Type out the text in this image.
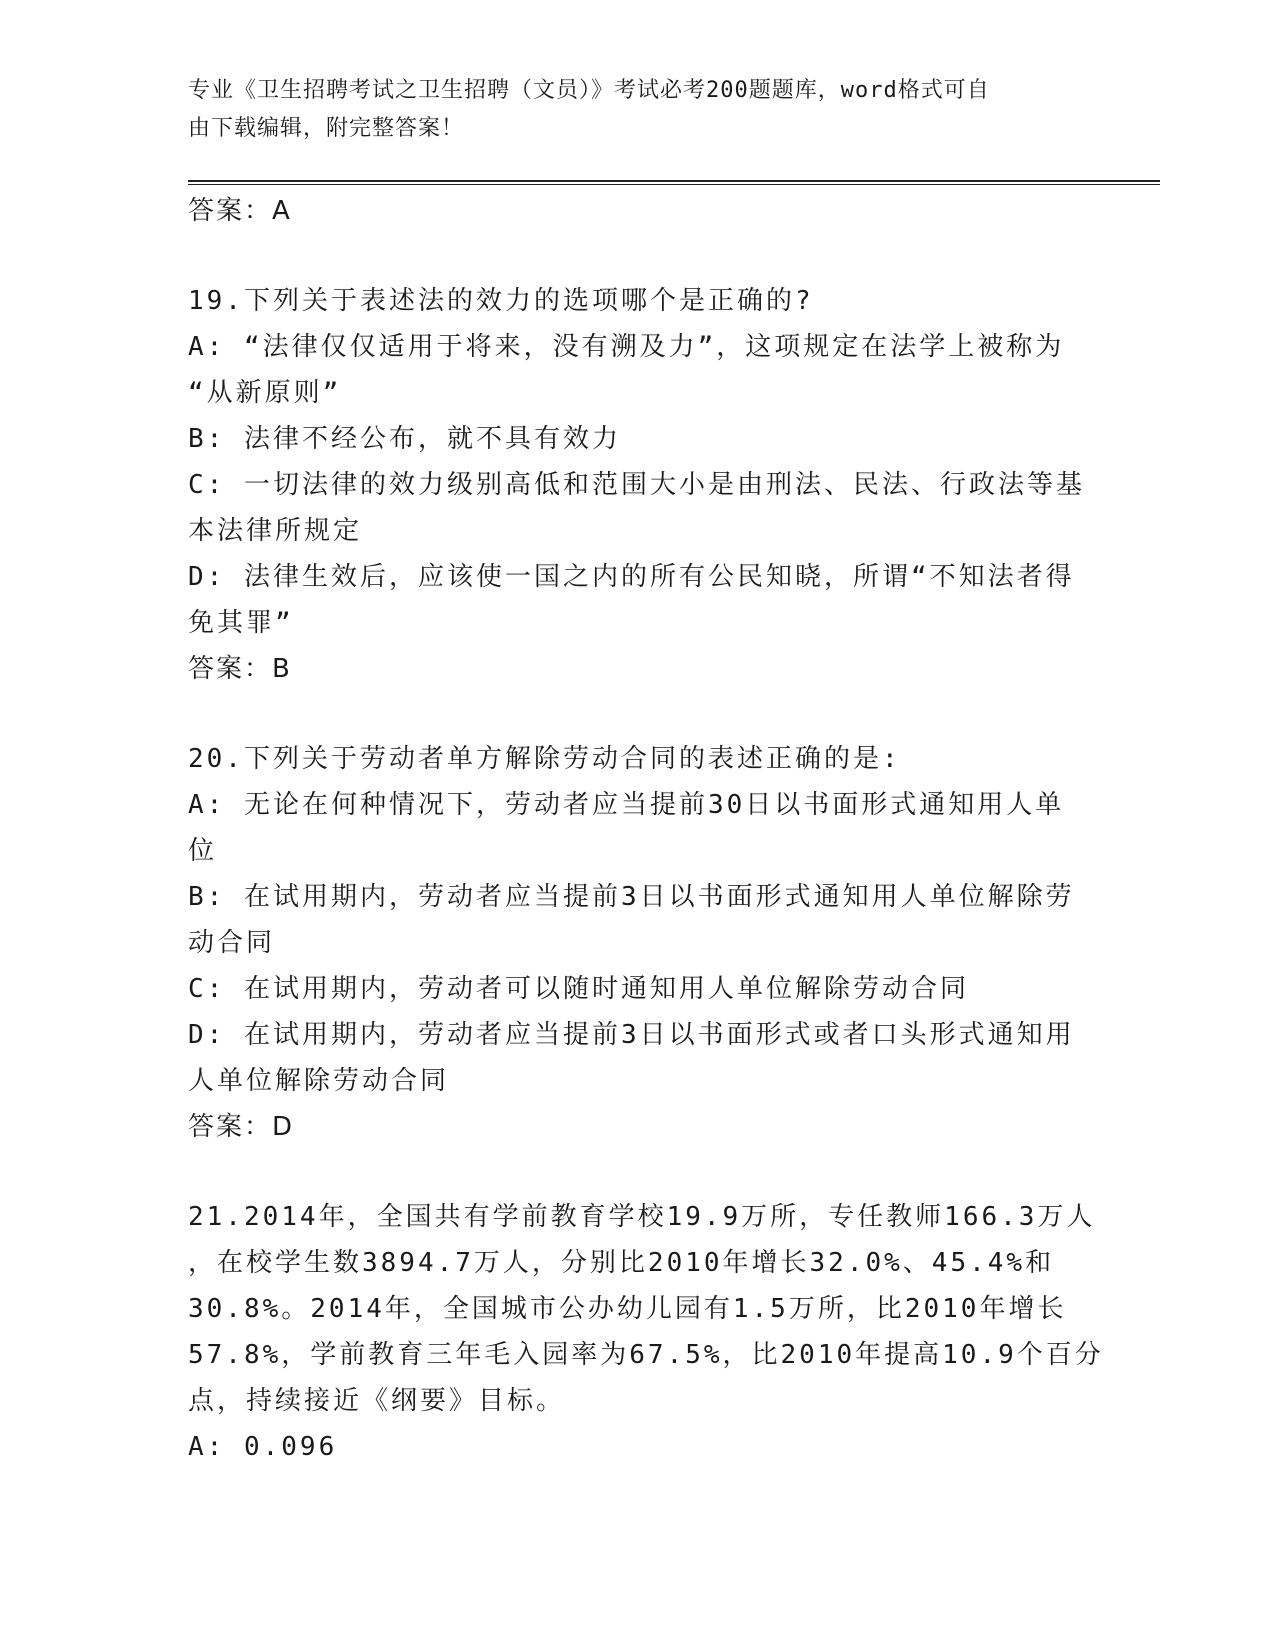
专业《卫生招聘考试之卫生招聘（文员）》考试必考200题题库，word格式可自
由下载编辑，附完整答案！
答案：A
19.下列关于表述法的效力的选项哪个是正确的?
A: “法律仅仅适用于将来，没有溯及力”，这项规定在法学上被称为
“从新原则”
B: 法律不经公布，就不具有效力
C: 一切法律的效力级别高低和范围大小是由刑法、民法、行政法等基
本法律所规定
D: 法律生效后，应该使一国之内的所有公民知晓，所谓“不知法者得
免其罪”
答案：B
20.下列关于劳动者单方解除劳动合同的表述正确的是:
A: 无论在何种情况下，劳动者应当提前30日以书面形式通知用人单
位
B: 在试用期内，劳动者应当提前3日以书面形式通知用人单位解除劳
动合同
C: 在试用期内，劳动者可以随时通知用人单位解除劳动合同
D: 在试用期内，劳动者应当提前3日以书面形式或者口头形式通知用
人单位解除劳动合同
答案：D
21.2014年，全国共有学前教育学校19.9万所，专任教师166.3万人
，在校学生数3894.7万人，分别比2010年增长32.0%、45.4%和
30.8%。2014年，全国城市公办幼儿园有1.5万所，比2010年增长
57.8%，学前教育三年毛入园率为67.5%，比2010年提高10.9个百分
点，持续接近《纲要》目标。
A: 0.096
